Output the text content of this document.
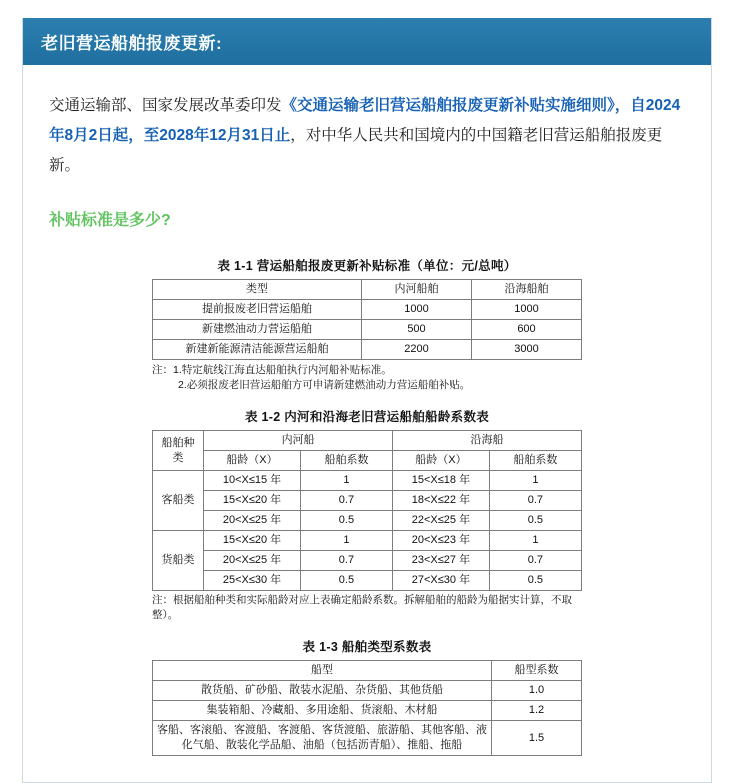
老旧营运船舶报废更新:

交通运输部、国家发展改革委印发《交通运输老旧营运船舶报废更新补贴实施细则》，自2024年8月2日起，至2028年12月31日止，对中华人民共和国境内的中国籍老旧营运船舶报废更新。

补贴标准是多少?
表 1-1 营运船舶报废更新补贴标准（单位：元/总吨）
类型	内河船舶	沿海船舶
提前报废老旧营运船舶	1000	1000
新建燃油动力营运船舶	500	600
新建新能源清洁能源营运船舶	2200	3000
注：1.特定航线江海直达船舶执行内河船补贴标准。
2.必须报废老旧营运船舶方可申请新建燃油动力营运船舶补贴。
表 1-2 内河和沿海老旧营运船舶船龄系数表
船舶种类	内河船		沿海船	
	船龄（X）	船舶系数	船龄（X）	船舶系数
客船类	10<X≤15 年	1	15<X≤18 年	1
	15<X≤20 年	0.7	18<X≤22 年	0.7
	20<X≤25 年	0.5	22<X≤25 年	0.5
货船类	15<X≤20 年	1	20<X≤23 年	1
	20<X≤25 年	0.7	23<X≤27 年	0.7
	25<X≤30 年	0.5	27<X≤30 年	0.5
注：根据船舶种类和实际船龄对应上表确定船龄系数。拆解船舶的船龄为船据实计算，不取整）。
表 1-3 船舶类型系数表
船型	船型系数
散货船、矿砂船、散装水泥船、杂货船、其他货船	1.0
集装箱船、冷藏船、多用途船、货滚船、木材船	1.2
客船、客滚船、客渡船、客渡船、客货渡船、旅游船、其他客船、液化气船、散装化学品船、油船（包括沥青船）、推船、拖船	1.5
